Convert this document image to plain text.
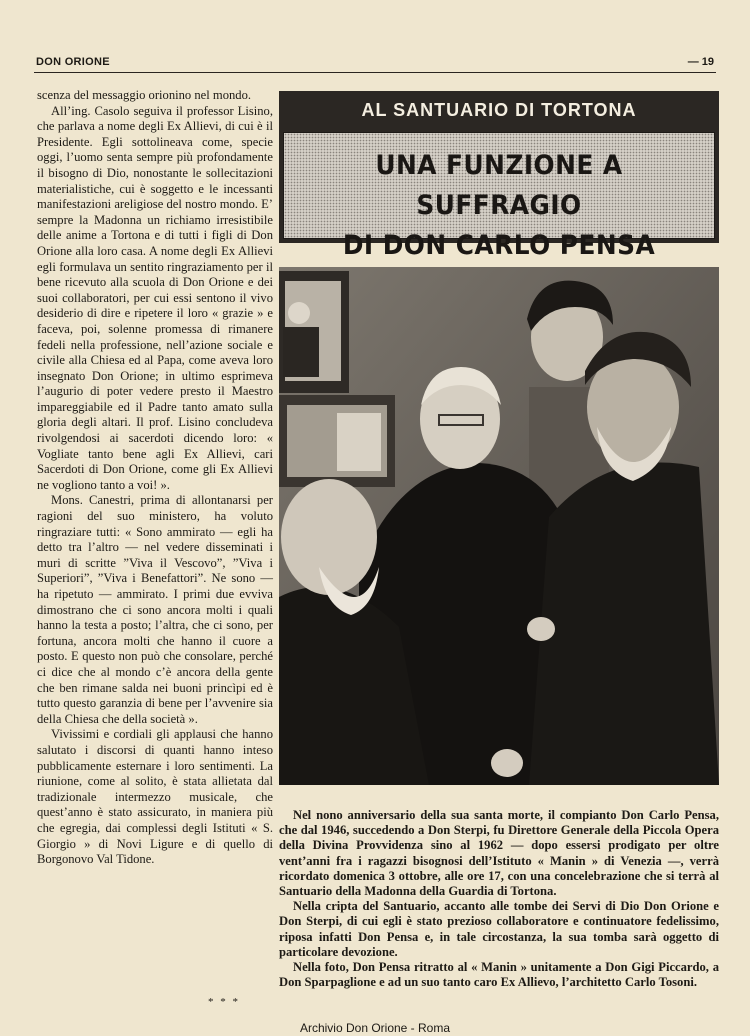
DON ORIONE	— 19

scenza del messaggio orionino nel mondo.

All’ing. Casolo seguiva il professor Lisino, che parlava a nome degli Ex Allievi, di cui è il Presidente. Egli sottolineava come, specie oggi, l’uomo senta sempre più profondamente il bisogno di Dio, nonostante le sollecitazioni materialistiche, cui è soggetto e le incessanti manifestazioni areligiose del nostro mondo. E’ sempre la Madonna un richiamo irresistibile delle anime a Tortona e di tutti i figli di Don Orione alla loro casa. A nome degli Ex Allievi egli formulava un sentito ringraziamento per il bene ricevuto alla scuola di Don Orione e dei suoi collaboratori, per cui essi sentono il vivo desiderio di dire e ripetere il loro « grazie » e faceva, poi, solenne promessa di rimanere fedeli nella professione, nell’azione sociale e civile alla Chiesa ed al Papa, come aveva loro insegnato Don Orione; in ultimo esprimeva l’augurio di poter vedere presto il Maestro impareggiabile ed il Padre tanto amato sulla gloria degli altari. Il prof. Lisino concludeva rivolgendosi ai sacerdoti dicendo loro: « Vogliate tanto bene agli Ex Allievi, cari Sacerdoti di Don Orione, come gli Ex Allievi ne vogliono tanto a voi! ».

Mons. Canestri, prima di allontanarsi per ragioni del suo ministero, ha voluto ringraziare tutti: « Sono ammirato — egli ha detto tra l’altro — nel vedere disseminati i muri di scritte ”Viva il Vescovo”, ”Viva i Superiori”, ”Viva i Benefattori”. Ne sono — ha ripetuto — ammirato. I primi due evviva dimostrano che ci sono ancora molti i quali hanno la testa a posto; l’altra, che ci sono, per fortuna, ancora molti che hanno il cuore a posto. E questo non può che consolare, perché ci dice che al mondo c’è ancora della gente che ben rimane salda nei buoni princìpi ed è tutto questo garanzia di bene per l’avvenire sia della Chiesa che della società ».

Vivissimi e cordiali gli applausi che hanno salutato i discorsi di quanti hanno inteso pubblicamente esternare i loro sentimenti. La riunione, come al solito, è stata allietata dal tradizionale intermezzo musicale, che quest’anno è stato assicurato, in maniera più che egregia, dai complessi degli Istituti « S. Giorgio » di Novi Ligure e di quello di Borgonovo Val Tidone.

* * *
AL SANTUARIO DI TORTONA
UNA FUNZIONE A SUFFRAGIO
DI DON CARLO PENSA

Nel nono anniversario della sua santa morte, il compianto Don Carlo Pensa, che dal 1946, succedendo a Don Sterpi, fu Direttore Generale della Piccola Opera della Divina Provvidenza sino al 1962 — dopo essersi prodigato per oltre vent’anni fra i ragazzi bisognosi dell’Istituto « Manin » di Venezia —, verrà ricordato domenica 3 ottobre, alle ore 17, con una concelebrazione che si terrà al Santuario della Madonna della Guardia di Tortona.

Nella cripta del Santuario, accanto alle tombe dei Servi di Dio Don Orione e Don Sterpi, di cui egli è stato prezioso collaboratore e continuatore fedelissimo, riposa infatti Don Pensa e, in tale circostanza, la sua tomba sarà oggetto di particolare devozione.

Nella foto, Don Pensa ritratto al « Manin » unitamente a Don Gigi Piccardo, a Don Sparpaglione e ad un suo tanto caro Ex Allievo, l’architetto Carlo Tosoni.

Archivio Don Orione - Roma
